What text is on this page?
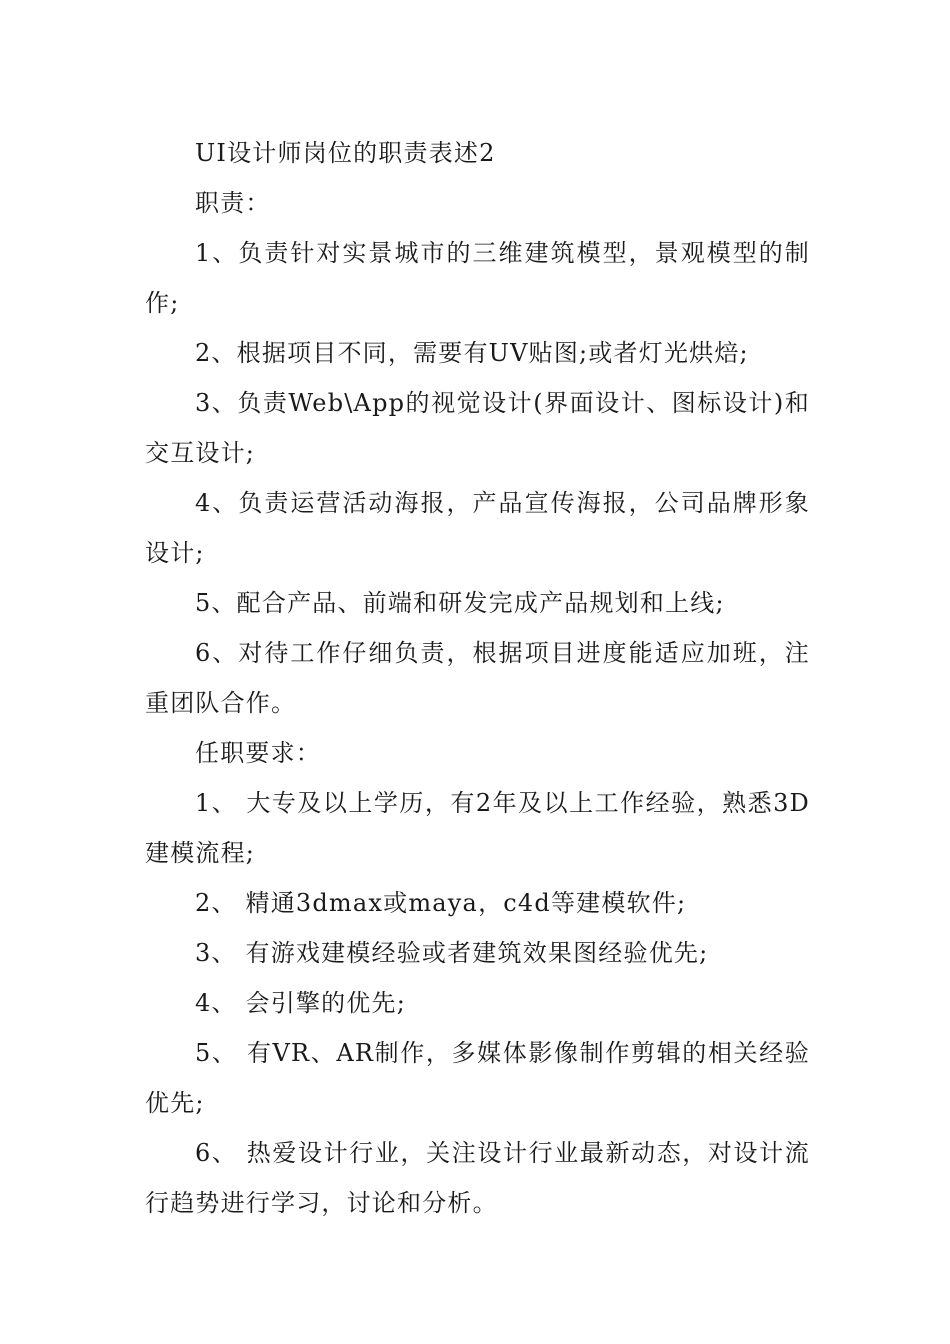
UI设计师岗位的职责表述2

职责：

1、负责针对实景城市的三维建筑模型，景观模型的制作;

2、根据项目不同，需要有UV贴图;或者灯光烘焙;

3、负责Web\App的视觉设计(界面设计、图标设计)和交互设计;

4、负责运营活动海报，产品宣传海报，公司品牌形象设计;

5、配合产品、前端和研发完成产品规划和上线;

6、对待工作仔细负责，根据项目进度能适应加班，注重团队合作。

任职要求：

1、 大专及以上学历，有2年及以上工作经验，熟悉3D建模流程;

2、 精通3dmax或maya，c4d等建模软件;

3、 有游戏建模经验或者建筑效果图经验优先;

4、 会引擎的优先;

5、 有VR、AR制作，多媒体影像制作剪辑的相关经验优先;

6、 热爱设计行业，关注设计行业最新动态，对设计流行趋势进行学习，讨论和分析。
